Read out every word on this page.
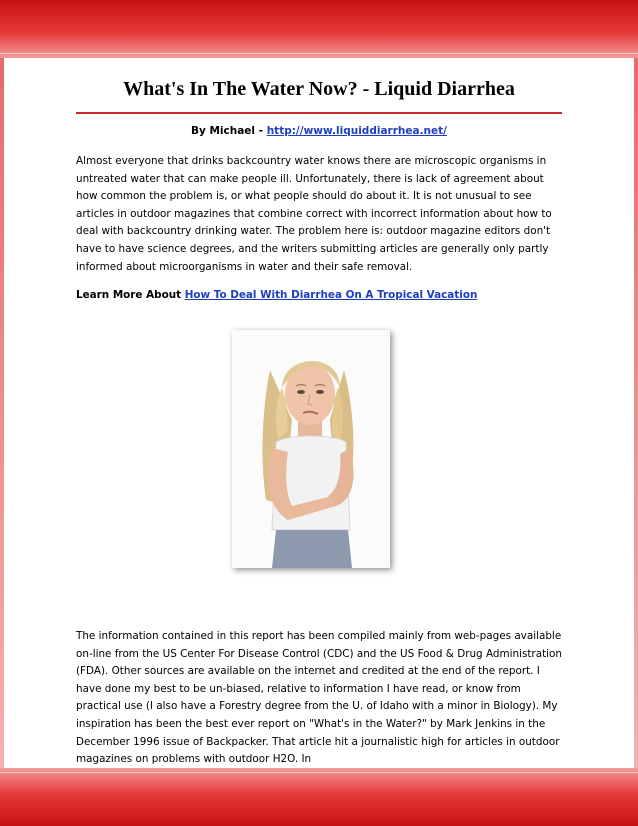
What's In The Water Now? - Liquid Diarrhea
By Michael - http://www.liquiddiarrhea.net/

Almost everyone that drinks backcountry water knows there are microscopic organisms in untreated water that can make people ill. Unfortunately, there is lack of agreement about how common the problem is, or what people should do about it. It is not unusual to see articles in outdoor magazines that combine correct with incorrect information about how to deal with backcountry drinking water. The problem here is: outdoor magazine editors don't have to have science degrees, and the writers submitting articles are generally only partly informed about microorganisms in water and their safe removal.

Learn More About How To Deal With Diarrhea On A Tropical Vacation

The information contained in this report has been compiled mainly from web-pages available on-line from the US Center For Disease Control (CDC) and the US Food & Drug Administration (FDA). Other sources are available on the internet and credited at the end of the report. I have done my best to be un-biased, relative to information I have read, or know from practical use (I also have a Forestry degree from the U. of Idaho with a minor in Biology). My inspiration has been the best ever report on "What's in the Water?" by Mark Jenkins in the December 1996 issue of Backpacker. That article hit a journalistic high for articles in outdoor magazines on problems with outdoor H2O. In
